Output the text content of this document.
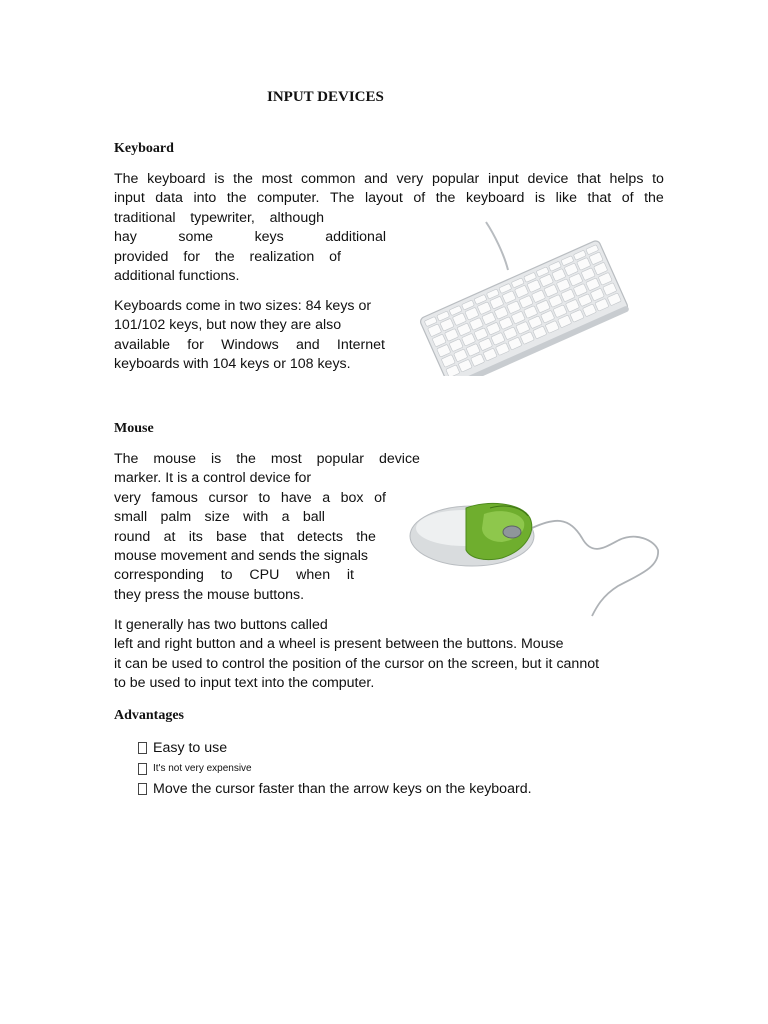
INPUT DEVICES
Keyboard
The keyboard is the most common and very popular input device that helps to
input data into the computer. The layout of the keyboard is like that of the
traditional typewriter, although
hay	some	keys	additional
provided for the realization of
additional functions.
Keyboards come in two sizes: 84 keys or
101/102 keys, but now they are also
available for Windows and Internet
keyboards with 104 keys or 108 keys.
Mouse
The mouse is the most popular device
marker. It is a control device for
very famous cursor to have a box of
small palm size with a ball
round at its base that detects the
mouse movement and sends the signals
corresponding to CPU when it
they press the mouse buttons.
It generally has two buttons called
left and right button and a wheel is present between the buttons. Mouse
it can be used to control the position of the cursor on the screen, but it cannot
to be used to input text into the computer.
Advantages
Easy to use
It's not very expensive
Move the cursor faster than the arrow keys on the keyboard.
